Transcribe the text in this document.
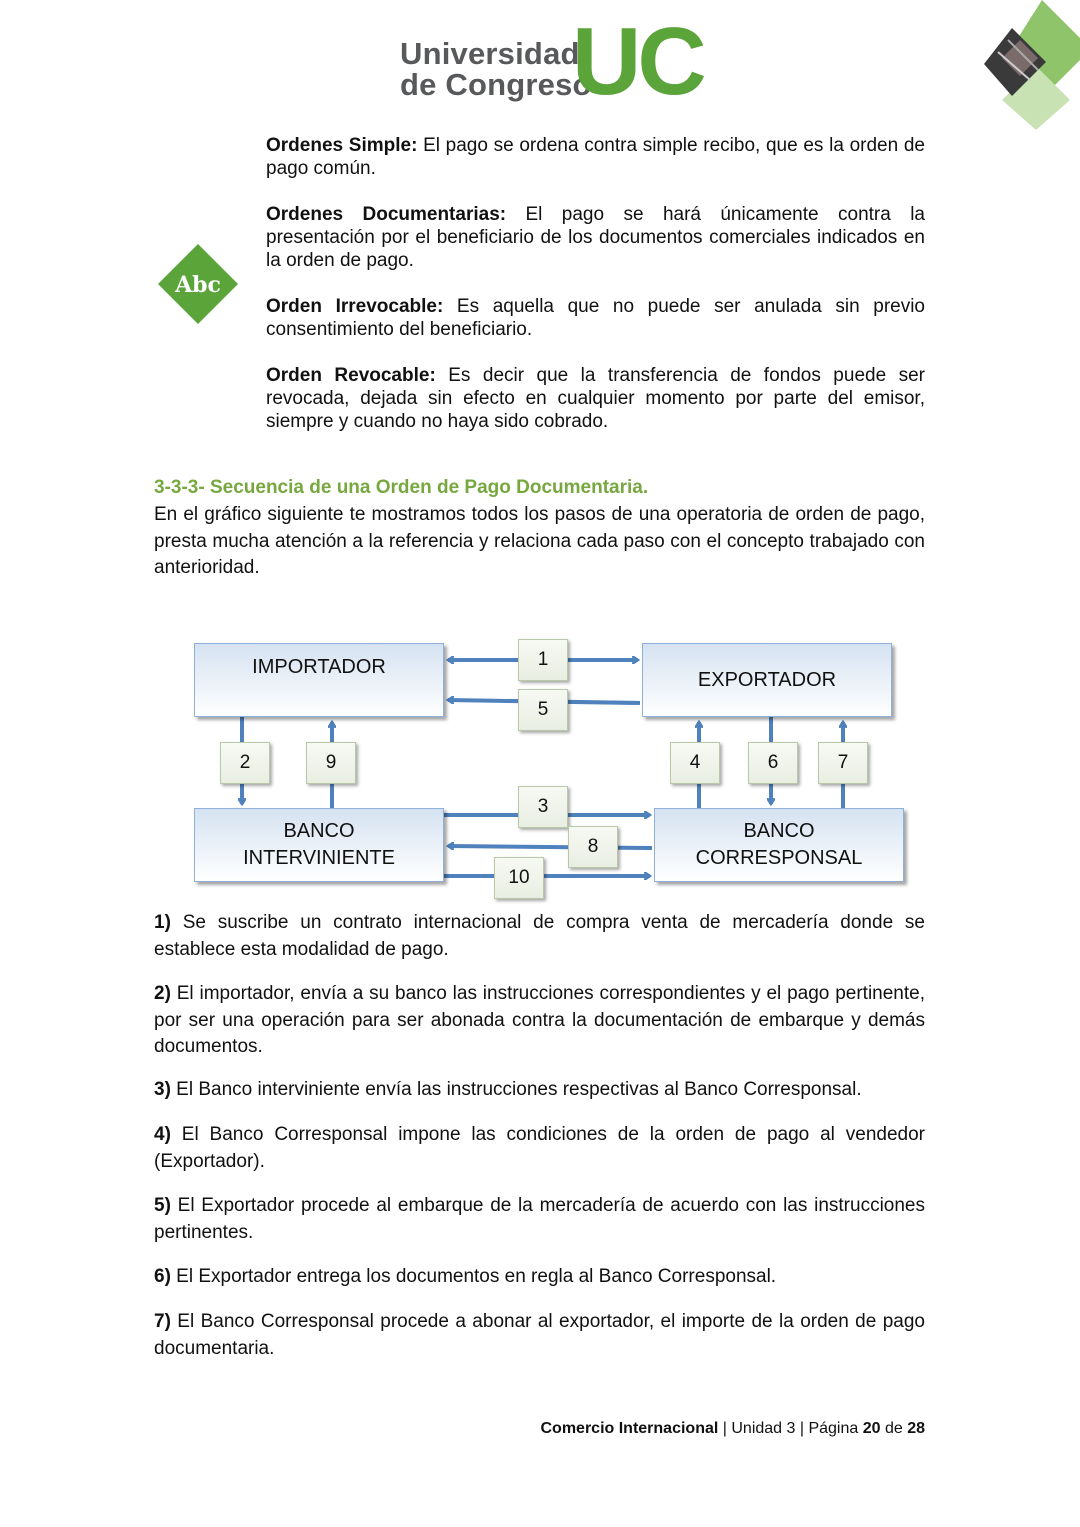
Universidad
de Congreso
UC
Abc
Ordenes Simple: El pago se ordena contra simple recibo, que es la orden de pago común.
Ordenes Documentarias: El pago se hará únicamente contra la presentación por el beneficiario de los documentos comerciales indicados en la orden de pago.
Orden Irrevocable: Es aquella que no puede ser anulada sin previo consentimiento del beneficiario.
Orden Revocable: Es decir que la transferencia de fondos puede ser revocada, dejada sin efecto en cualquier momento por parte del emisor, siempre y cuando no haya sido cobrado.
3-3-3- Secuencia de una Orden de Pago Documentaria.
En el gráfico siguiente te mostramos todos los pasos de una operatoria de orden de pago, presta mucha atención a la referencia y relaciona cada paso con el concepto trabajado con anterioridad.
IMPORTADOR
EXPORTADOR
BANCO
INTERVINIENTE
BANCO
CORRESPONSAL
1
5
2	9	4	6	7
3
8
10
1) Se suscribe un contrato internacional de compra venta de mercadería donde se establece esta modalidad de pago.
2) El importador, envía a su banco las instrucciones correspondientes y el pago pertinente, por ser una operación para ser abonada contra la documentación de embarque y demás documentos.
3) El Banco interviniente envía las instrucciones respectivas al Banco Corresponsal.
4) El Banco Corresponsal impone las condiciones de la orden de pago al vendedor (Exportador).
5) El Exportador procede al embarque de la mercadería de acuerdo con las instrucciones pertinentes.
6) El Exportador entrega los documentos en regla al Banco Corresponsal.
7) El Banco Corresponsal procede a abonar al exportador, el importe de la orden de pago documentaria.
Comercio Internacional | Unidad 3 | Página 20 de 28
